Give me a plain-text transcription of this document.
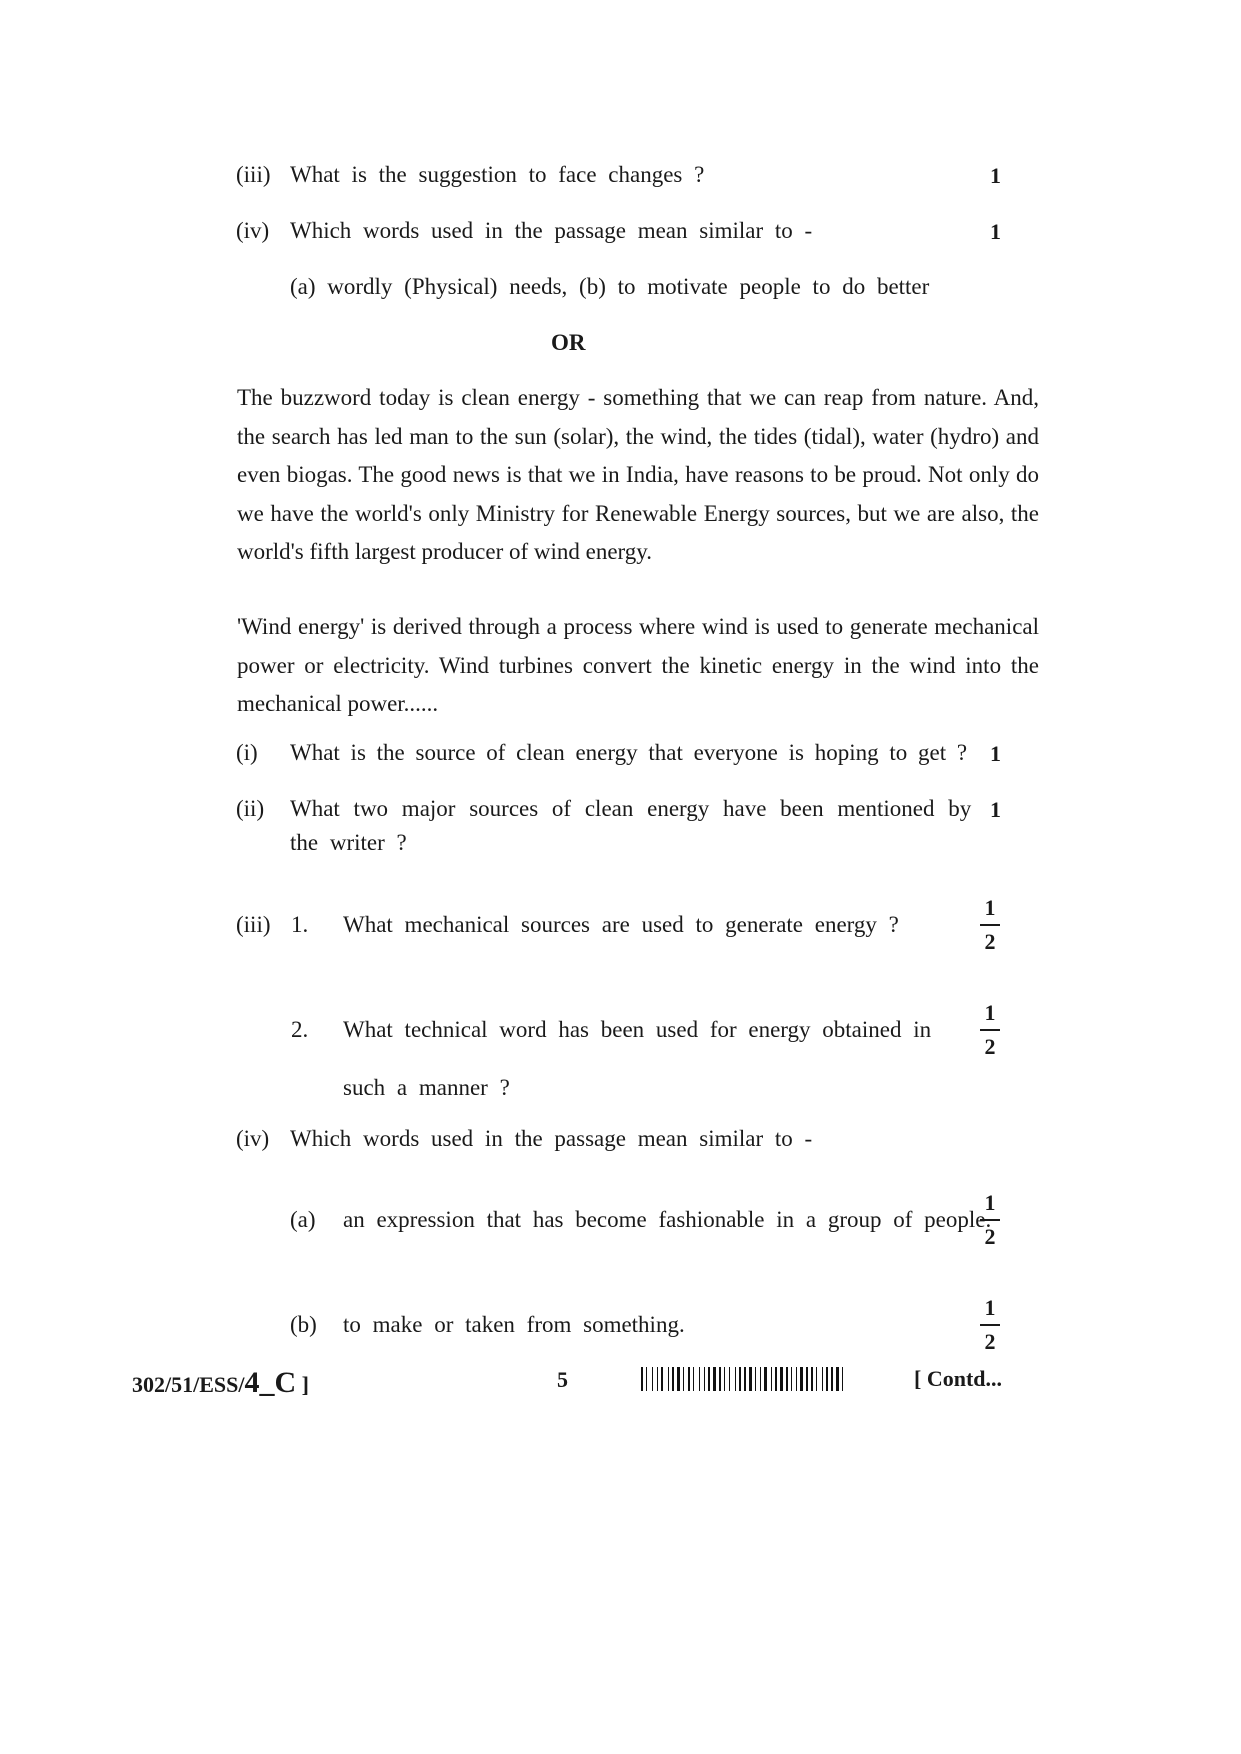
(iii) What is the suggestion to face changes ?	1
(iv) Which words used in the passage mean similar to -	1
(a) wordly (Physical) needs, (b) to motivate people to do better
OR
The buzzword today is clean energy - something that we can reap from nature. And, the search has led man to the sun (solar), the wind, the tides (tidal), water (hydro) and even biogas. The good news is that we in India, have reasons to be proud. Not only do we have the world's only Ministry for Renewable Energy sources, but we are also, the world's fifth largest producer of wind energy.
'Wind energy' is derived through a process where wind is used to generate mechanical power or electricity. Wind turbines convert the kinetic energy in the wind into the mechanical power......
(i) What is the source of clean energy that everyone is hoping to get ? 1
(ii) What two major sources of clean energy have been mentioned by
the writer ?
1
(iii) 1. What mechanical sources are used to generate energy ?
1
2
2. What technical word has been used for energy obtained in
such a manner ?
1
2
(iv) Which words used in the passage mean similar to -
(a) an expression that has become fashionable in a group of people.
1
2
(b) to make or taken from something.
1
2
302/51/ESS/4_C ]	5	[ Contd...
